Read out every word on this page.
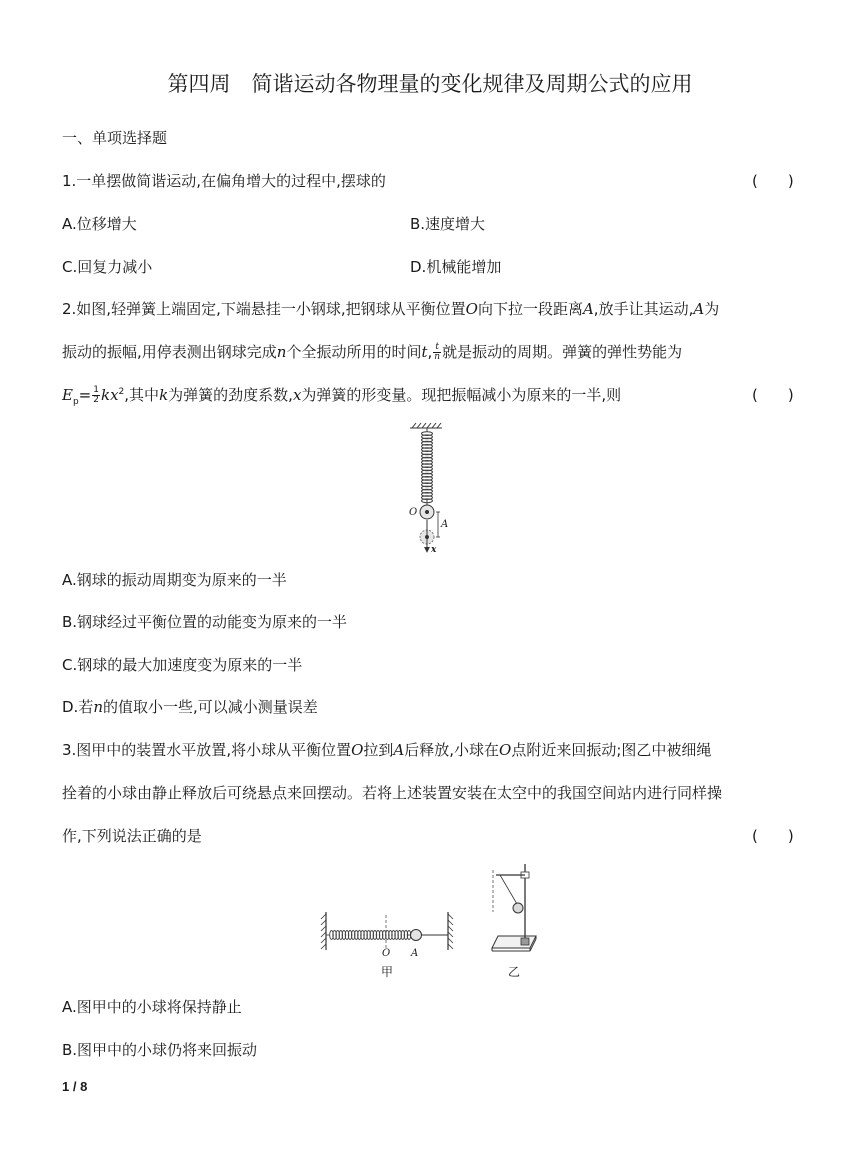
第四周　简谐运动各物理量的变化规律及周期公式的应用
一、单项选择题
1.一单摆做简谐运动,在偏角增大的过程中,摆球的	(　　)
A.位移增大	B.速度增大
C.回复力减小	D.机械能增加
2.如图,轻弹簧上端固定,下端悬挂一小钢球,把钢球从平衡位置O向下拉一段距离A,放手让其运动,A为
振动的振幅,用停表测出钢球完成n个全振动所用的时间t, $\frac{t}{n}$ 就是振动的周期。弹簧的弹性势能为
$E_p= \frac{1}{2} kx^2$,其中k为弹簧的劲度系数,x为弹簧的形变量。现把振幅减小为原来的一半,则	(　　)
O
A
x
A.钢球的振动周期变为原来的一半
B.钢球经过平衡位置的动能变为原来的一半
C.钢球的最大加速度变为原来的一半
D.若n的值取小一些,可以减小测量误差
3.图甲中的装置水平放置,将小球从平衡位置O拉到A后释放,小球在O点附近来回振动;图乙中被细绳
拴着的小球由静止释放后可绕悬点来回摆动。若将上述装置安装在太空中的我国空间站内进行同样操
作,下列说法正确的是	(　　)
O A
甲	乙
A.图甲中的小球将保持静止
B.图甲中的小球仍将来回振动
1 / 8
